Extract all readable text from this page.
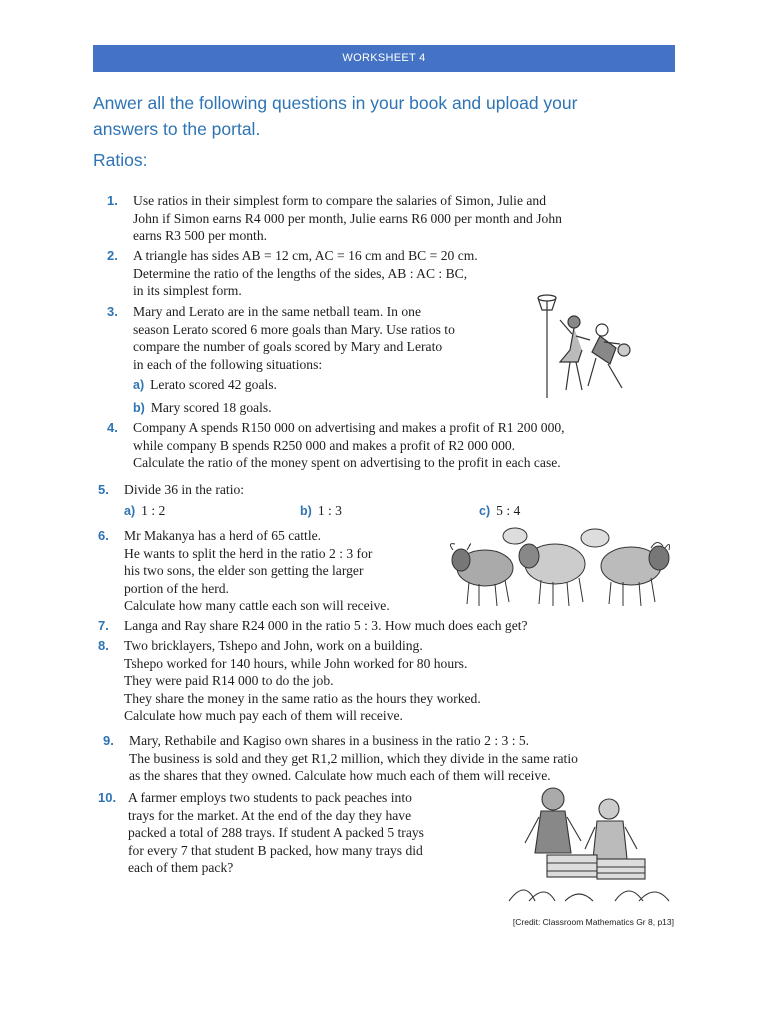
WORKSHEET 4
Anwer all the following questions in your book and upload your
answers to the portal.
Ratios:
1. Use ratios in their simplest form to compare the salaries of Simon, Julie and
John if Simon earns R4 000 per month, Julie earns R6 000 per month and John
earns R3 500 per month.
2. A triangle has sides AB = 12 cm, AC = 16 cm and BC = 20 cm.
Determine the ratio of the lengths of the sides, AB : AC : BC,
in its simplest form.
3. Mary and Lerato are in the same netball team. In one
season Lerato scored 6 more goals than Mary. Use ratios to
compare the number of goals scored by Mary and Lerato
in each of the following situations:
a) Lerato scored 42 goals.
b) Mary scored 18 goals.
4. Company A spends R150 000 on advertising and makes a profit of R1 200 000,
while company B spends R250 000 and makes a profit of R2 000 000.
Calculate the ratio of the money spent on advertising to the profit in each case.
5. Divide 36 in the ratio:
a) 1 : 2	b) 1 : 3	c) 5 : 4
6. Mr Makanya has a herd of 65 cattle.
He wants to split the herd in the ratio 2 : 3 for
his two sons, the elder son getting the larger
portion of the herd.
Calculate how many cattle each son will receive.
7. Langa and Ray share R24 000 in the ratio 5 : 3. How much does each get?
8. Two bricklayers, Tshepo and John, work on a building.
Tshepo worked for 140 hours, while John worked for 80 hours.
They were paid R14 000 to do the job.
They share the money in the same ratio as the hours they worked.
Calculate how much pay each of them will receive.
9. Mary, Rethabile and Kagiso own shares in a business in the ratio 2 : 3 : 5.
The business is sold and they get R1,2 million, which they divide in the same ratio
as the shares that they owned. Calculate how much each of them will receive.
10. A farmer employs two students to pack peaches into
trays for the market. At the end of the day they have
packed a total of 288 trays. If student A packed 5 trays
for every 7 that student B packed, how many trays did
each of them pack?
[Credit: Classroom Mathematics Gr 8, p13]
